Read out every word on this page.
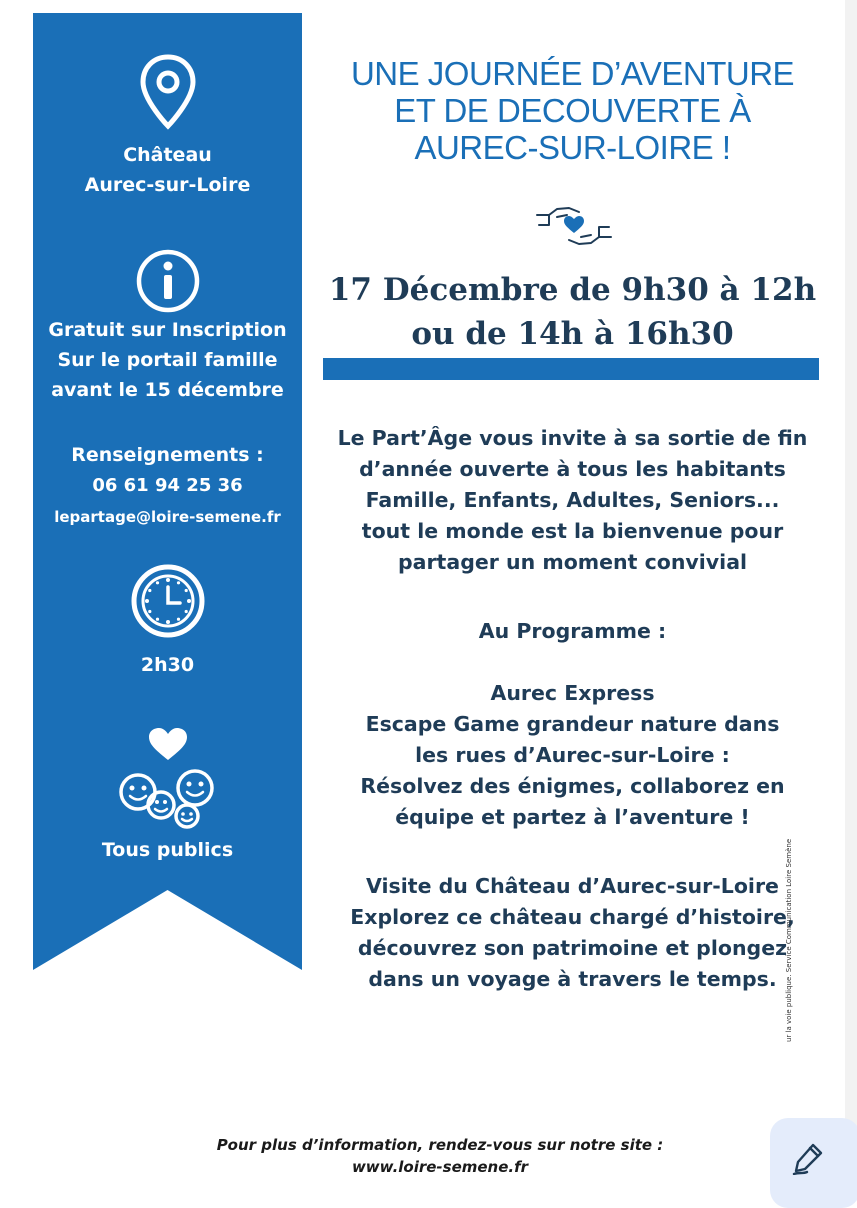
Château
Aurec-sur-Loire
Gratuit sur Inscription
Sur le portail famille
avant le 15 décembre
Renseignements :
06 61 94 25 36
lepartage@loire-semene.fr
2h30
Tous publics
UNE JOURNÉE D’AVENTURE
ET DE DECOUVERTE À
AUREC-SUR-LOIRE !
17 Décembre de 9h30 à 12h
ou de 14h à 16h30
Le Part’Âge vous invite à sa sortie de fin
d’année ouverte à tous les habitants
Famille, Enfants, Adultes, Seniors...
tout le monde est la bienvenue pour
partager un moment convivial
Au Programme :
Aurec Express
Escape Game grandeur nature dans
les rues d’Aurec-sur-Loire :
Résolvez des énigmes, collaborez en
équipe et partez à l’aventure !
Visite du Château d’Aurec-sur-Loire
Explorez ce château chargé d’histoire,
découvrez son patrimoine et plongez
dans un voyage à travers le temps.
Pour plus d’information, rendez-vous sur notre site :
www.loire-semene.fr
ur la voie publique. Service Communication Loire Semène
